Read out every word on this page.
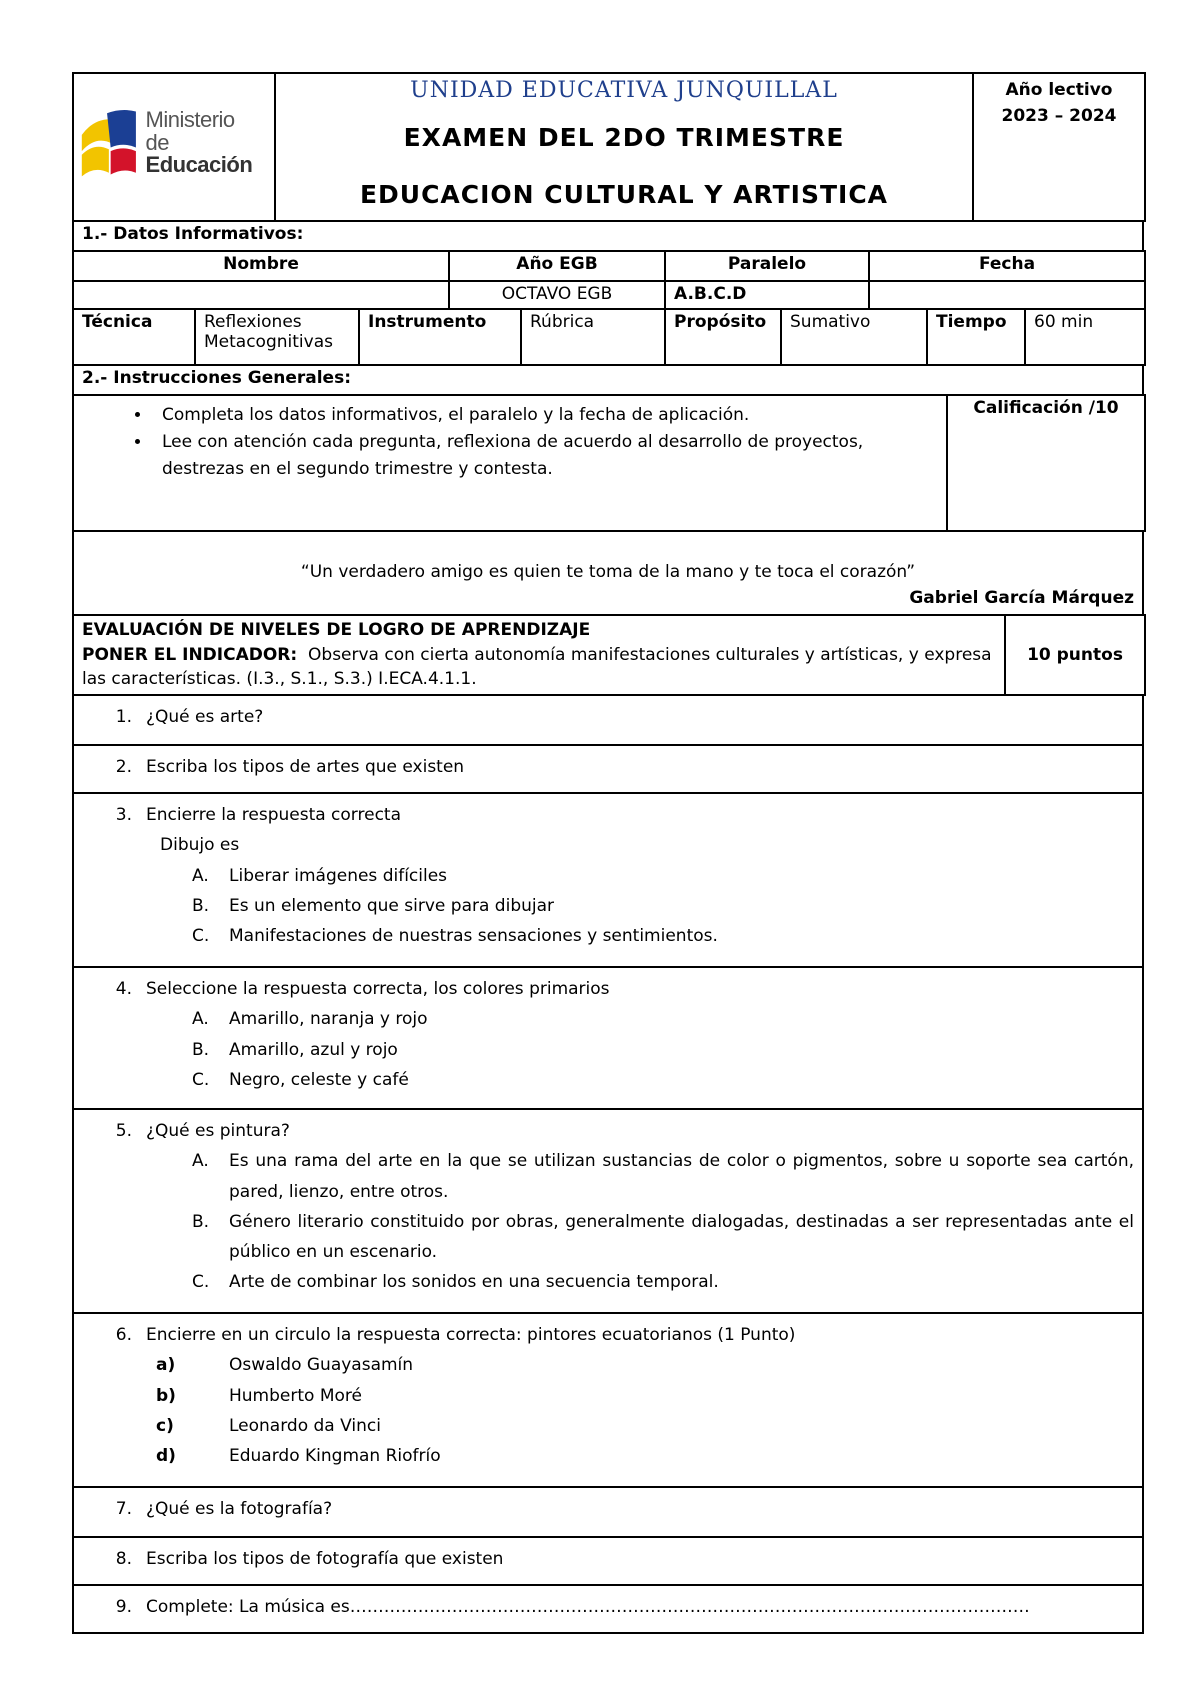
Ministerio
de Educación

UNIDAD EDUCATIVA JUNQUILLAL
EXAMEN DEL 2DO TRIMESTRE
EDUCACION CULTURAL Y ARTISTICA

Año lectivo
2023 – 2024
1.- Datos Informativos:
Nombre	Año EGB	Paralelo	Fecha
	OCTAVO EGB	A.B.C.D	
Técnica	Reflexiones Metacognitivas	Instrumento	Rúbrica	Propósito	Sumativo	Tiempo	60 min
2.- Instrucciones Generales:
• Completa los datos informativos, el paralelo y la fecha de aplicación.
• Lee con atención cada pregunta, reflexiona de acuerdo al desarrollo de proyectos, destrezas en el segundo trimestre y contesta.
	Calificación /10
“Un verdadero amigo es quien te toma de la mano y te toca el corazón”
Gabriel García Márquez
EVALUACIÓN DE NIVELES DE LOGRO DE APRENDIZAJE
PONER EL INDICADOR: Observa con cierta autonomía manifestaciones culturales y artísticas, y expresa las características. (I.3., S.1., S.3.) I.ECA.4.1.1.
	10 puntos
1. ¿Qué es arte?
2. Escriba los tipos de artes que existen

3. Encierre la respuesta correcta
Dibujo es
A.	Liberar imágenes difíciles
B.	Es un elemento que sirve para dibujar
C.	Manifestaciones de nuestras sensaciones y sentimientos.

4. Seleccione la respuesta correcta, los colores primarios
A.	Amarillo, naranja y rojo
B.	Amarillo, azul y rojo
C.	Negro, celeste y café

5. ¿Qué es pintura?
A.	Es una rama del arte en la que se utilizan sustancias de color o pigmentos, sobre u soporte sea cartón, pared, lienzo, entre otros.
B.	Género literario constituido por obras, generalmente dialogadas, destinadas a ser representadas ante el público en un escenario.
C.	Arte de combinar los sonidos en una secuencia temporal.

6. Encierre en un circulo la respuesta correcta: pintores ecuatorianos (1 Punto)
a)	Oswaldo Guayasamín
b)	Humberto Moré
c)	Leonardo da Vinci
d)	Eduardo Kingman Riofrío

7. ¿Qué es la fotografía?
8. Escriba los tipos de fotografía que existen
9. Complete: La música es…………………………………………………………………………………………………………
